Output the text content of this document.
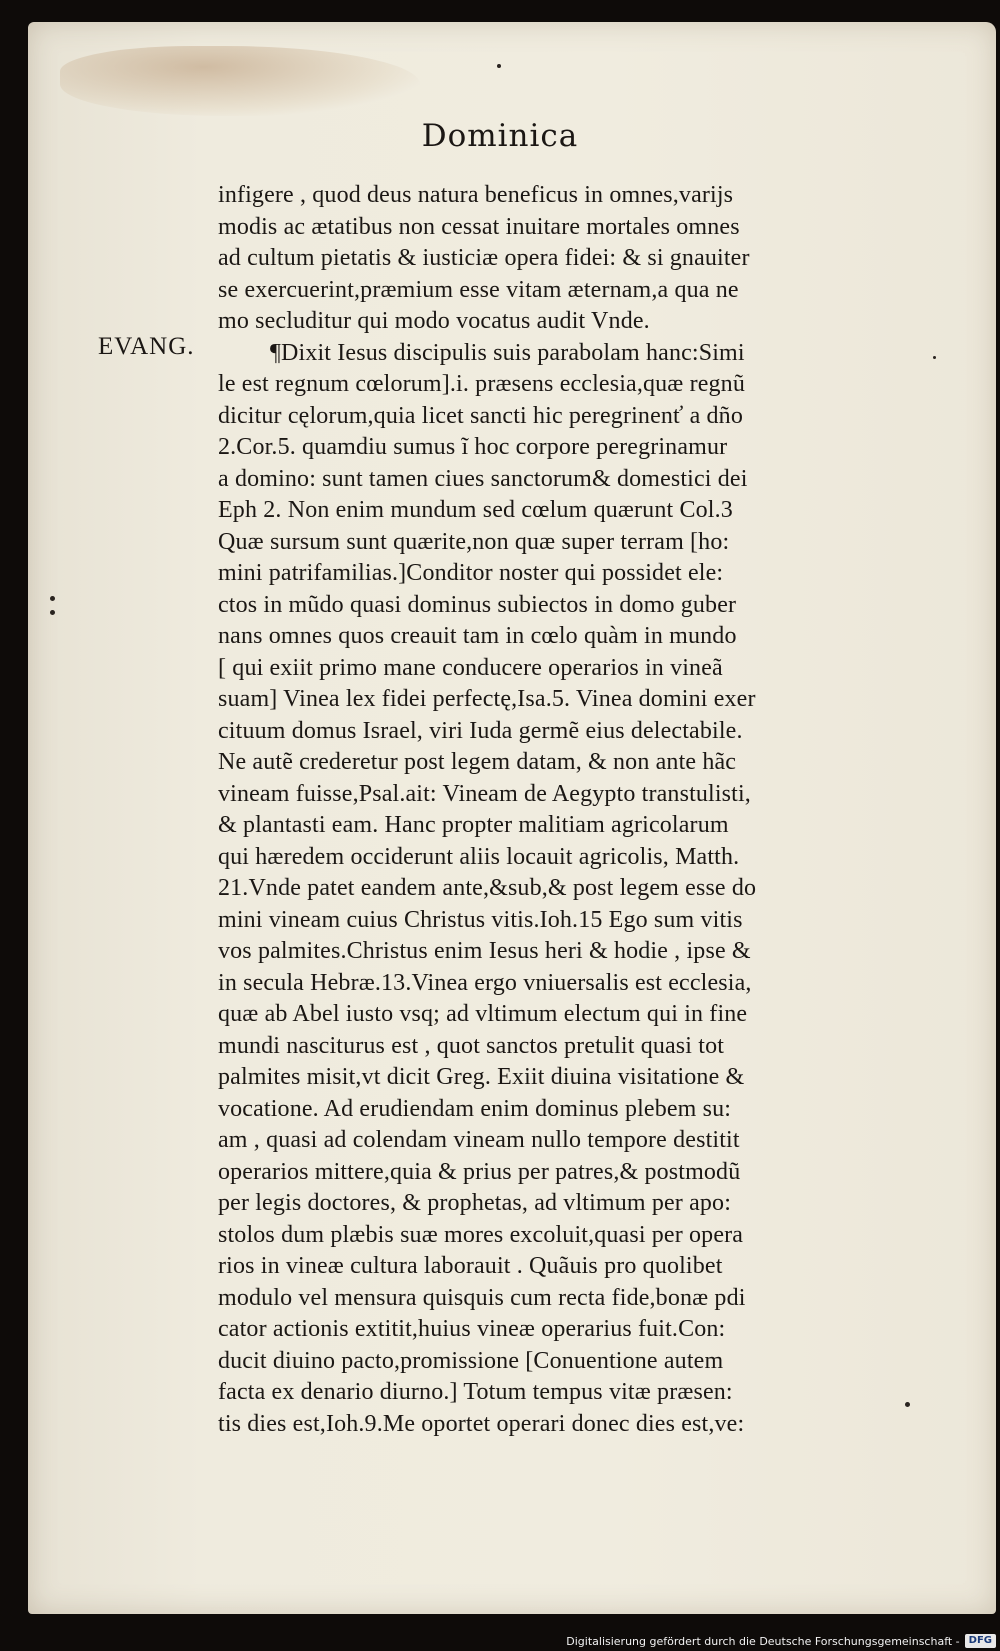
Dominica
EVANG.
infigere , quod deus natura beneficus in omnes,varijs
modis ac ætatibus non cessat inuitare mortales omnes
ad cultum pietatis & iusticiæ opera fidei: & si gnauiter
se exercuerint,præmium esse vitam æternam,a qua ne
mo secluditur qui modo vocatus audit Vnde.
¶Dixit Iesus discipulis suis parabolam hanc:Simi
le est regnum cœlorum].i. præsens ecclesia,quæ regnũ
dicitur cęlorum,quia licet sancti hic peregrinenť a dño
2.Cor.5. quamdiu sumus ĩ hoc corpore peregrinamur
a domino: sunt tamen ciues sanctorum& domestici dei
Eph 2. Non enim mundum sed cœlum quærunt Col.3
Quæ sursum sunt quærite,non quæ super terram [ho:
mini patrifamilias.]Conditor noster qui possidet ele:
ctos in mũdo quasi dominus subiectos in domo guber
nans omnes quos creauit tam in cœlo quàm in mundo
[ qui exiit primo mane conducere operarios in vineã
suam] Vinea lex fidei perfectę,Isa.5. Vinea domini exer
cituum domus Israel, viri Iuda germẽ eius delectabile.
Ne autẽ crederetur post legem datam, & non ante hãc
vineam fuisse,Psal.ait: Vineam de Aegypto transtulisti,
& plantasti eam. Hanc propter malitiam agricolarum
qui hæredem occiderunt aliis locauit agricolis, Matth.
21.Vnde patet eandem ante,&sub,& post legem esse do
mini vineam cuius Christus vitis.Ioh.15 Ego sum vitis
vos palmites.Christus enim Iesus heri & hodie , ipse &
in secula Hebræ.13.Vinea ergo vniuersalis est ecclesia,
quæ ab Abel iusto vsq; ad vltimum electum qui in fine
mundi nasciturus est , quot sanctos pretulit quasi tot
palmites misit,vt dicit Greg. Exiit diuina visitatione &
vocatione. Ad erudiendam enim dominus plebem su:
am , quasi ad colendam vineam nullo tempore destitit
operarios mittere,quia & prius per patres,& postmodũ
per legis doctores, & prophetas, ad vltimum per apo:
stolos dum plæbis suæ mores excoluit,quasi per opera
rios in vineæ cultura laborauit . Quãuis pro quolibet
modulo vel mensura quisquis cum recta fide,bonæ pdi
cator actionis extitit,huius vineæ operarius fuit.Con:
ducit diuino pacto,promissione [Conuentione autem
facta ex denario diurno.] Totum tempus vitæ præsen:
tis dies est,Ioh.9.Me oportet operari donec dies est,ve:
Digitalisierung gefördert durch die Deutsche Forschungsgemeinschaft - DFG
